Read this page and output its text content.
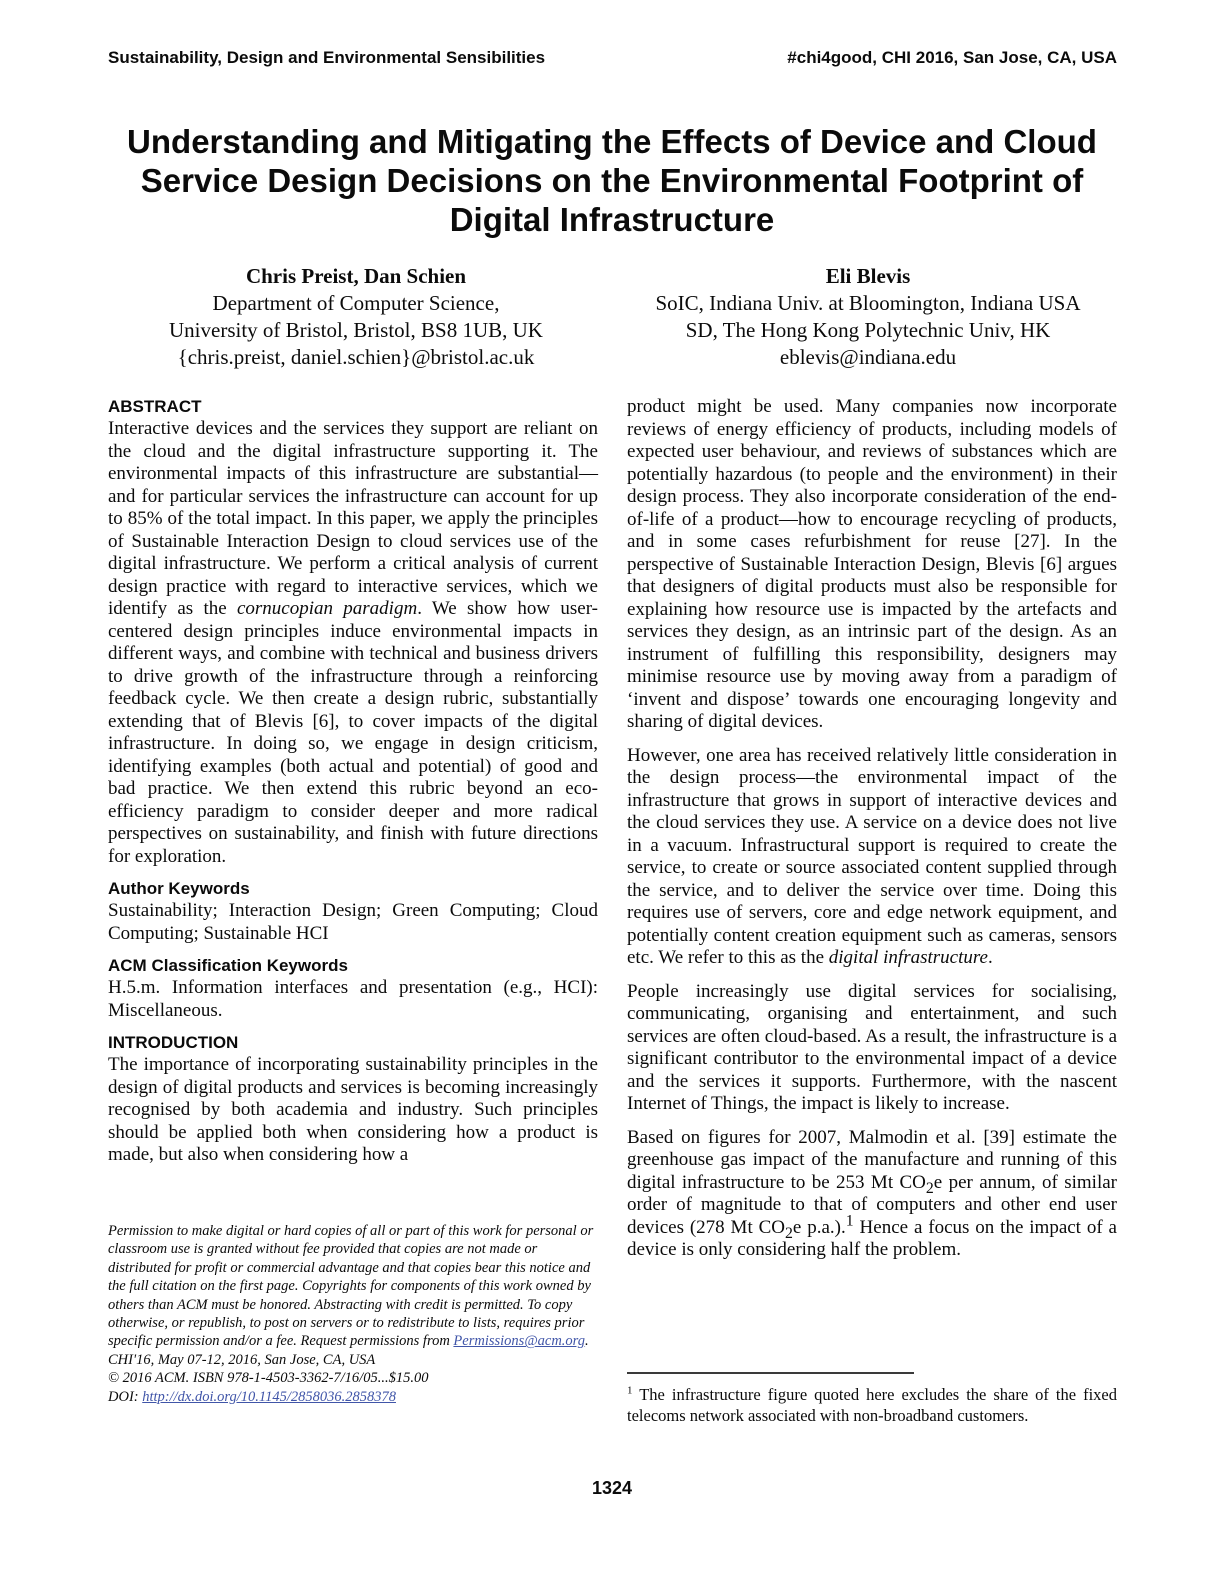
Sustainability, Design and Environmental Sensibilities	#chi4good, CHI 2016, San Jose, CA, USA
Understanding and Mitigating the Effects of Device and Cloud Service Design Decisions on the Environmental Footprint of Digital Infrastructure
Chris Preist, Dan Schien
Department of Computer Science,
University of Bristol, Bristol, BS8 1UB, UK
{chris.preist, daniel.schien}@bristol.ac.uk
Eli Blevis
SoIC, Indiana Univ. at Bloomington, Indiana USA
SD, The Hong Kong Polytechnic Univ, HK
eblevis@indiana.edu
ABSTRACT

Interactive devices and the services they support are reliant on the cloud and the digital infrastructure supporting it. The environmental impacts of this infrastructure are substantial—and for particular services the infrastructure can account for up to 85% of the total impact. In this paper, we apply the principles of Sustainable Interaction Design to cloud services use of the digital infrastructure. We perform a critical analysis of current design practice with regard to interactive services, which we identify as the cornucopian paradigm. We show how user-centered design principles induce environmental impacts in different ways, and combine with technical and business drivers to drive growth of the infrastructure through a reinforcing feedback cycle. We then create a design rubric, substantially extending that of Blevis [6], to cover impacts of the digital infrastructure. In doing so, we engage in design criticism, identifying examples (both actual and potential) of good and bad practice. We then extend this rubric beyond an eco-efficiency paradigm to consider deeper and more radical perspectives on sustainability, and finish with future directions for exploration.

Author Keywords

Sustainability; Interaction Design; Green Computing; Cloud Computing; Sustainable HCI

ACM Classification Keywords

H.5.m. Information interfaces and presentation (e.g., HCI): Miscellaneous.

INTRODUCTION

The importance of incorporating sustainability principles in the design of digital products and services is becoming increasingly recognised by both academia and industry. Such principles should be applied both when considering how a product is made, but also when considering how a

Permission to make digital or hard copies of all or part of this work for personal or classroom use is granted without fee provided that copies are not made or distributed for profit or commercial advantage and that copies bear this notice and the full citation on the first page. Copyrights for components of this work owned by others than ACM must be honored. Abstracting with credit is permitted. To copy otherwise, or republish, to post on servers or to redistribute to lists, requires prior specific permission and/or a fee. Request permissions from Permissions@acm.org.
CHI'16, May 07-12, 2016, San Jose, CA, USA
© 2016 ACM. ISBN 978-1-4503-3362-7/16/05...$15.00
DOI: http://dx.doi.org/10.1145/2858036.2858378

product might be used. Many companies now incorporate reviews of energy efficiency of products, including models of expected user behaviour, and reviews of substances which are potentially hazardous (to people and the environment) in their design process. They also incorporate consideration of the end-of-life of a product—how to encourage recycling of products, and in some cases refurbishment for reuse [27]. In the perspective of Sustainable Interaction Design, Blevis [6] argues that designers of digital products must also be responsible for explaining how resource use is impacted by the artefacts and services they design, as an intrinsic part of the design. As an instrument of fulfilling this responsibility, designers may minimise resource use by moving away from a paradigm of ‘invent and dispose’ towards one encouraging longevity and sharing of digital devices.

However, one area has received relatively little consideration in the design process—the environmental impact of the infrastructure that grows in support of interactive devices and the cloud services they use. A service on a device does not live in a vacuum. Infrastructural support is required to create the service, to create or source associated content supplied through the service, and to deliver the service over time. Doing this requires use of servers, core and edge network equipment, and potentially content creation equipment such as cameras, sensors etc. We refer to this as the digital infrastructure.

People increasingly use digital services for socialising, communicating, organising and entertainment, and such services are often cloud-based. As a result, the infrastructure is a significant contributor to the environmental impact of a device and the services it supports. Furthermore, with the nascent Internet of Things, the impact is likely to increase.

Based on figures for 2007, Malmodin et al. [39] estimate the greenhouse gas impact of the manufacture and running of this digital infrastructure to be 253 Mt $CO_2e$ per annum, of similar order of magnitude to that of computers and other end user devices (278 Mt $CO_2e$ p.a.).$^1$ Hence a focus on the impact of a device is only considering half the problem.

$^1$ The infrastructure figure quoted here excludes the share of the fixed telecoms network associated with non-broadband customers.
1324
